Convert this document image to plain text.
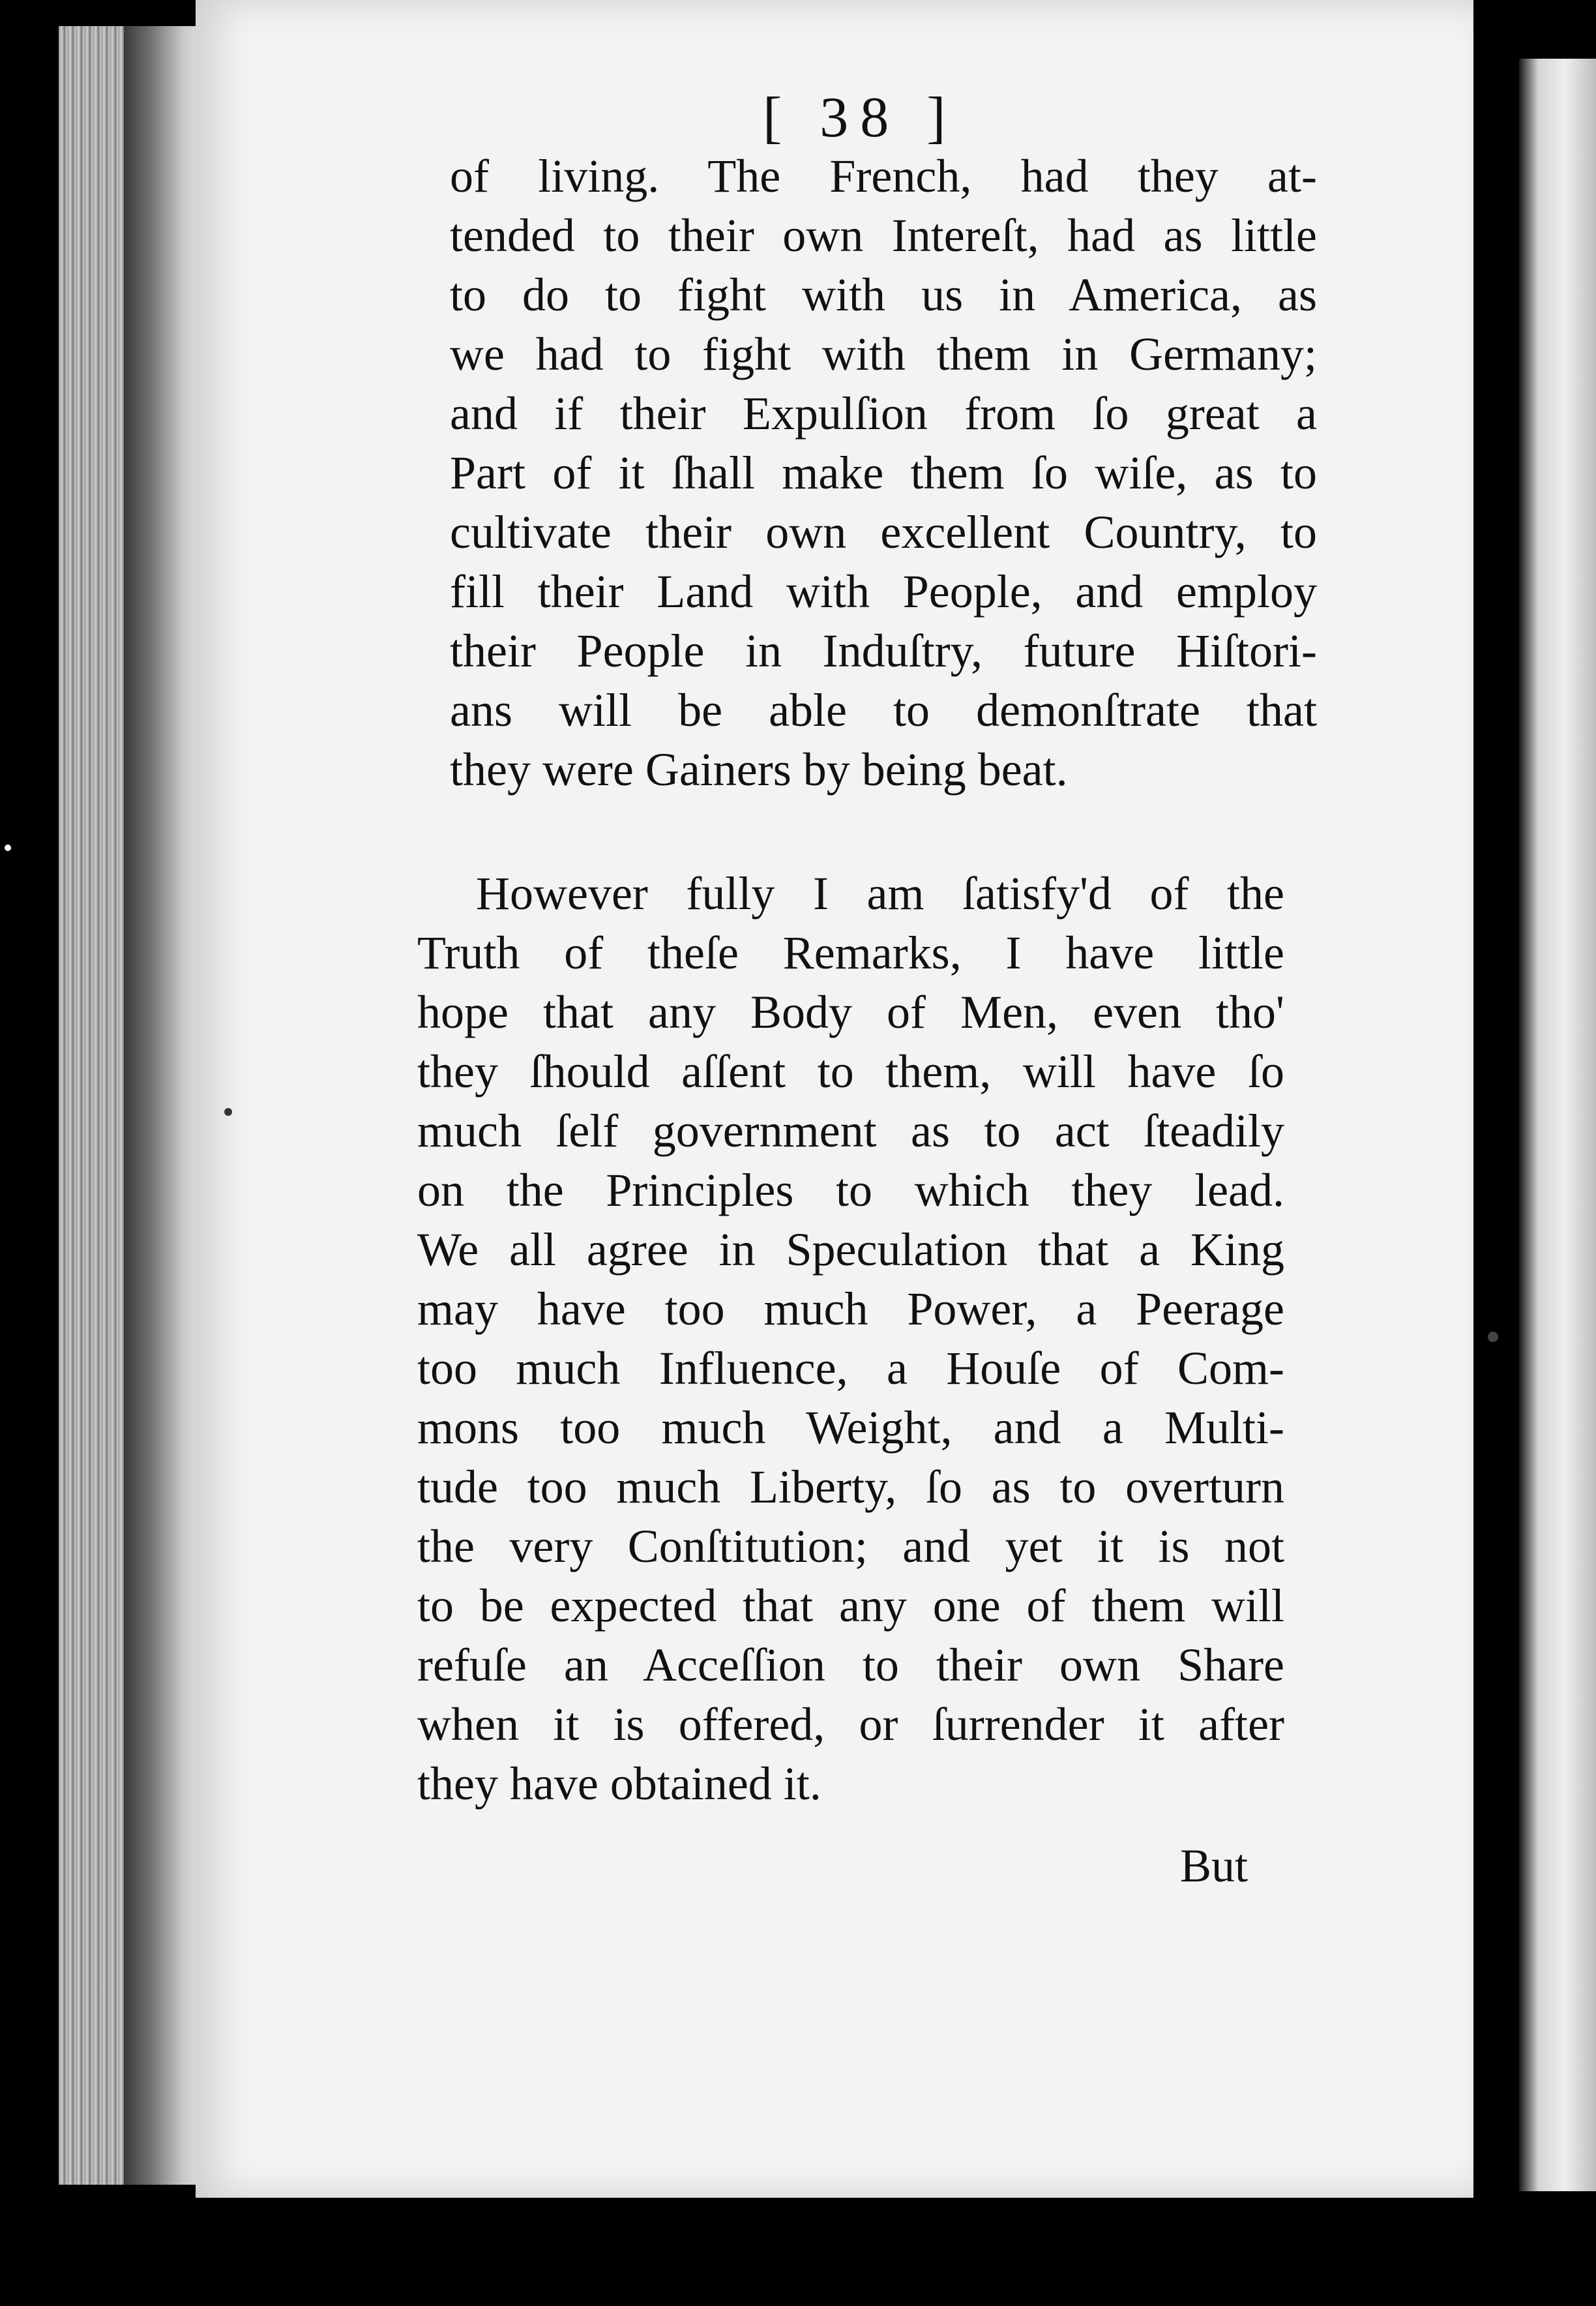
[ 38 ]
of living. The French, had they at-
tended to their own Intereſt, had as little
to do to fight with us in America, as
we had to fight with them in Germany;
and if their Expulſion from ſo great a
Part of it ſhall make them ſo wiſe, as to
cultivate their own excellent Country, to
fill their Land with People, and employ
their People in Induſtry, future Hiſtori-
ans will be able to demonſtrate that
they were Gainers by being beat.
However fully I am ſatisfy'd of the
Truth of theſe Remarks, I have little
hope that any Body of Men, even tho'
they ſhould aſſent to them, will have ſo
much ſelf government as to act ſteadily
on the Principles to which they lead.
We all agree in Speculation that a King
may have too much Power, a Peerage
too much Influence, a Houſe of Com-
mons too much Weight, and a Multi-
tude too much Liberty, ſo as to overturn
the very Conſtitution; and yet it is not
to be expected that any one of them will
refuſe an Acceſſion to their own Share
when it is offered, or ſurrender it after
they have obtained it.
But
